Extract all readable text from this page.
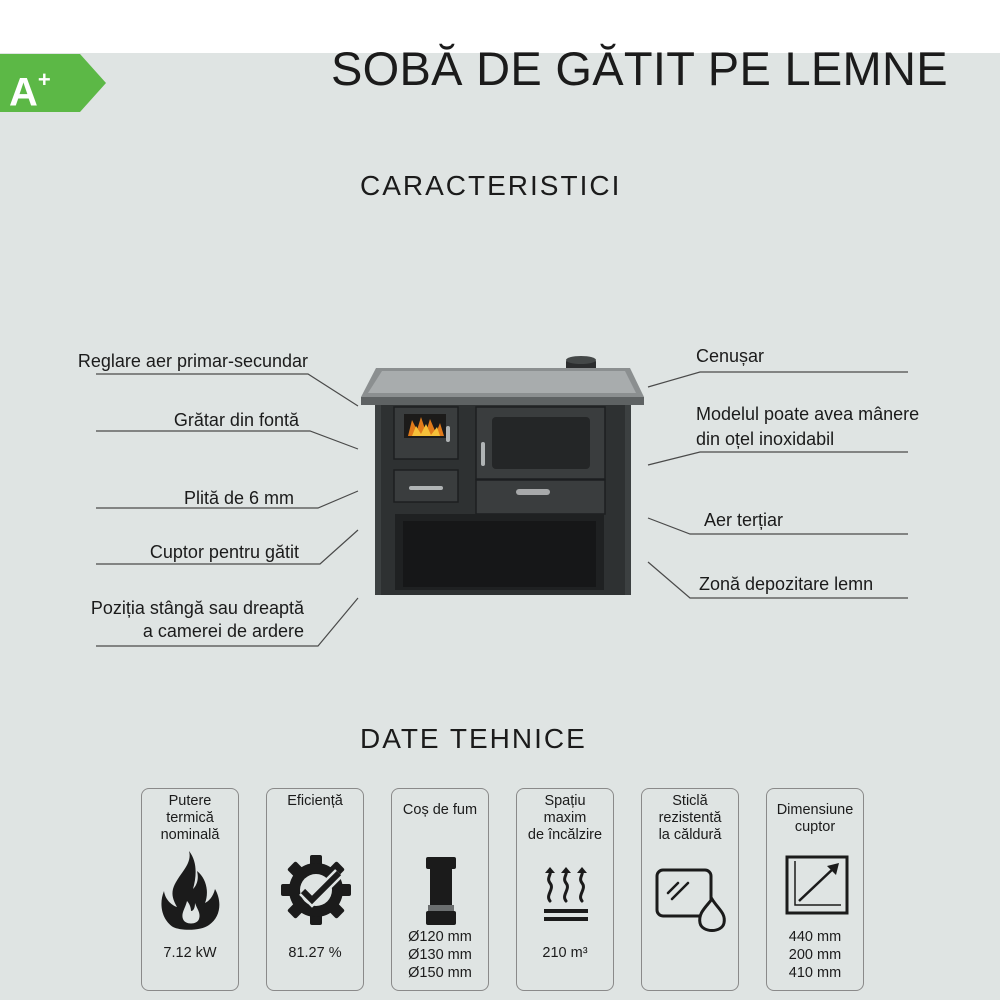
SOBĂ DE GĂTIT PE LEMNE
A+
CARACTERISTICI
Reglare aer primar-secundar
Grătar din fontă
Plită de 6 mm
Cuptor pentru gătit
Poziția stângă sau dreaptă
a camerei de ardere
Cenușar
Modelul poate avea mânere
din oțel inoxidabil
Aer terțiar
Zonă depozitare lemn
DATE TEHNICE
Putere
termică
nominală
7.12 kW
Eficiență
81.27 %
Coș de fum
Ø120 mm
Ø130 mm
Ø150 mm
Spațiu
maxim
de încălzire
210 m³
Sticlă
rezistentă
la căldură
Dimensiune
cuptor
440 mm
200 mm
410 mm
